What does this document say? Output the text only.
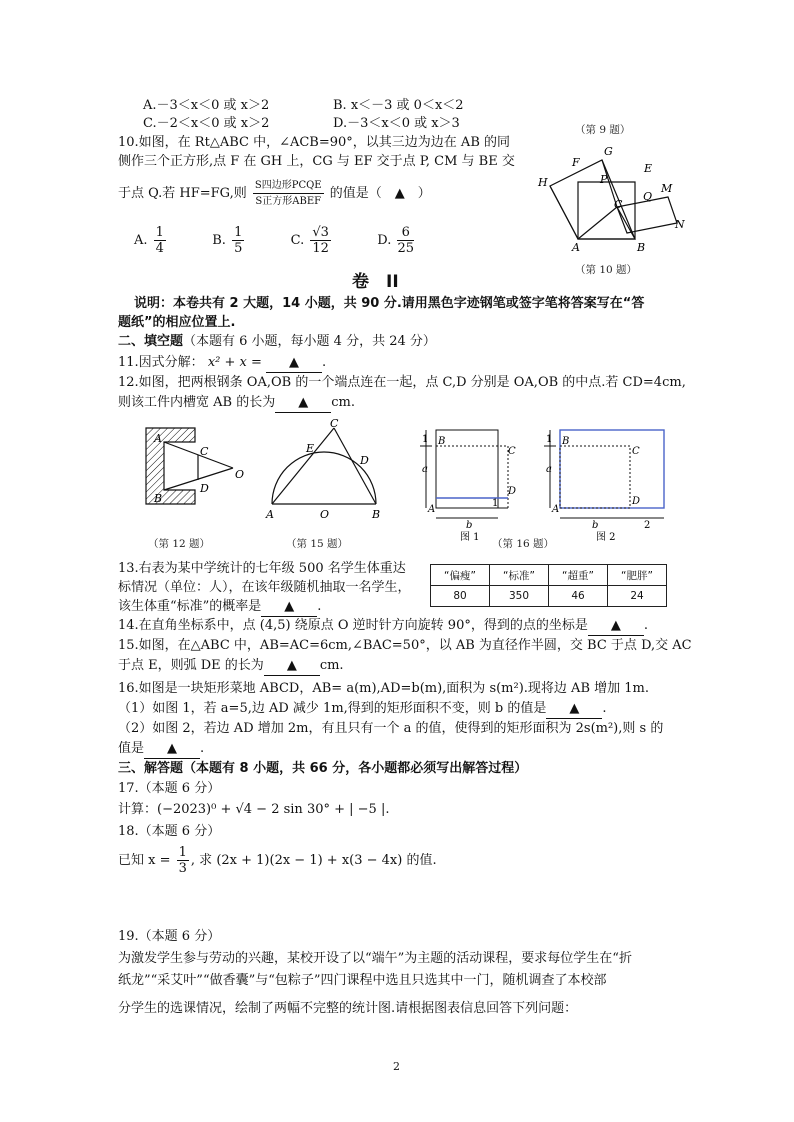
A.－3＜x＜0 或 x＞2	B. x＜－3 或 0＜x＜2
C.－2＜x＜0 或 x＞2	D.－3＜x＜0 或 x＞3
10.如图，在 Rt△ABC 中，∠ACB=90°，以其三边为边在 AB 的同
侧作三个正方形,点 F 在 GH 上，CG 与 EF 交于点 P, CM 与 BE 交
于点 Q.若 HF=FG,则 $\frac{\text{S四边形PCQE}}{\text{S正方形ABEF}}$ 的值是（　▲　）
A. $\frac{1}{4}$	B. $\frac{1}{5}$	C. $\frac{√3}{12}$	D. $\frac{6}{25}$
（第 9 题）
G
F	E
H	P
Q
M
C
N
A	B
（第 10 题）
卷　II
说明：本卷共有 2 大题，14 小题，共 90 分.请用黑色字迹钢笔或签字笔将答案写在“答
题纸”的相应位置上.
二、填空题（本题有 6 小题，每小题 4 分，共 24 分）
11.因式分解： x² + x = ▲ .
12.如图，把两根钢条 OA,OB 的一个端点连在一起，点 C,D 分别是 OA,OB 的中点.若 CD=4cm,
则该工件内槽宽 AB 的长为 ▲ cm.
A
B
C
D
O
（第 12 题）
C
E
D
A	O	B
（第 15 题）
1
a
B
C
D
A
1
b
图 1
1
a
B
C
D
A
b	2
图 2
（第 16 题）
13.右表为某中学统计的七年级 500 名学生体重达
标情况（单位：人），在该年级随机抽取一名学生，
该生体重“标准”的概率是 ▲ .
“偏瘦”	“标准”	“超重”	“肥胖”
80	350	46	24
14.在直角坐标系中，点 (4,5) 绕原点 O 逆时针方向旋转 90°，得到的点的坐标是 ▲ .
15.如图，在△ABC 中，AB=AC=6cm,∠BAC=50°，以 AB 为直径作半圆，交 BC 于点 D,交 AC
于点 E，则弧 DE 的长为 ▲ cm.
16.如图是一块矩形菜地 ABCD，AB= a(m),AD=b(m),面积为 s(m²).现将边 AB 增加 1m.
（1）如图 1，若 a=5,边 AD 减少 1m,得到的矩形面积不变，则 b 的值是 ▲ .
（2）如图 2，若边 AD 增加 2m，有且只有一个 a 的值，使得到的矩形面积为 2s(m²),则 s 的
值是 ▲ .
三、解答题（本题有 8 小题，共 66 分，各小题都必须写出解答过程）
17.（本题 6 分）
计算：(−2023)⁰ + √4 − 2 sin 30° + | −5 |.
18.（本题 6 分）
已知 $x = \frac{1}{3}$ , 求 (2x + 1)(2x − 1) + x(3 − 4x) 的值.
19.（本题 6 分）
为激发学生参与劳动的兴趣，某校开设了以“端午”为主题的活动课程，要求每位学生在“折
纸龙”“采艾叶”“做香囊”与“包粽子”四门课程中选且只选其中一门，随机调查了本校部
分学生的选课情况，绘制了两幅不完整的统计图.请根据图表信息回答下列问题：
2
